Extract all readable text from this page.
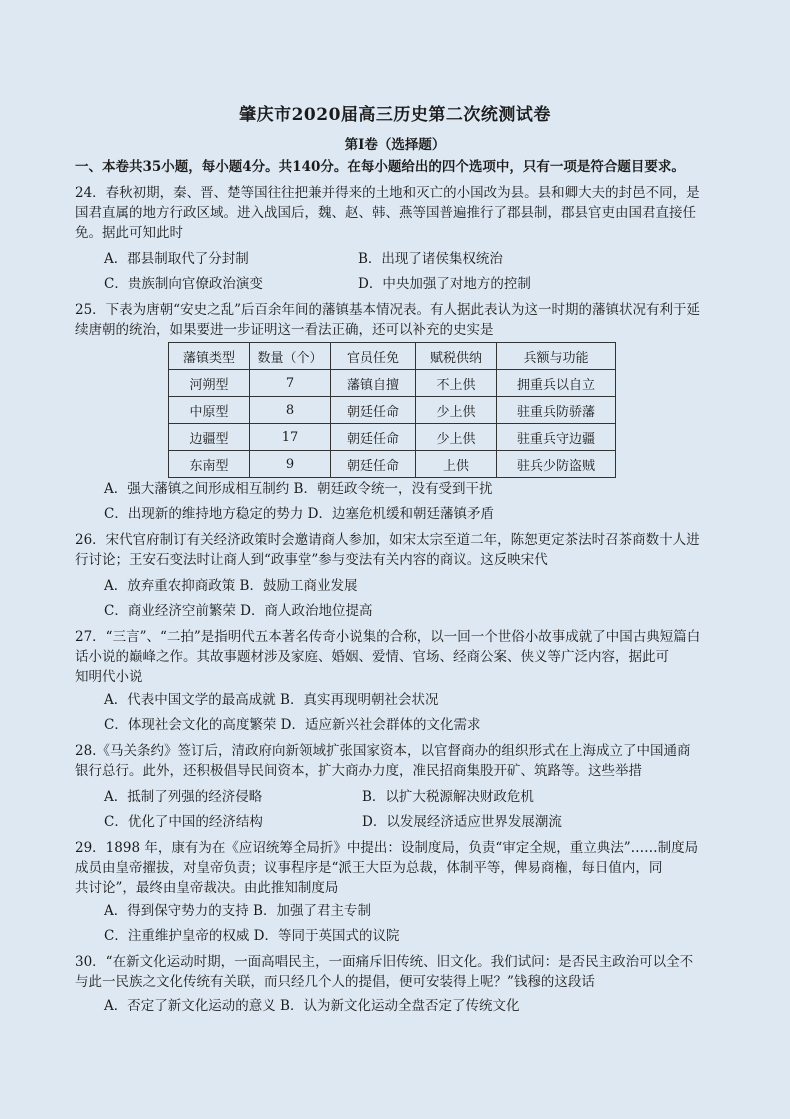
肇庆市2020届高三历史第二次统测试卷
第Ⅰ卷（选择题）
一、本卷共35小题，每小题4分。共140分。在每小题给出的四个选项中，只有一项是符合题目要求。
24．春秋初期，秦、晋、楚等国往往把兼并得来的土地和灭亡的小国改为县。县和卿大夫的封邑不同，是
国君直属的地方行政区域。进入战国后，魏、赵、韩、燕等国普遍推行了郡县制，郡县官吏由国君直接任
免。据此可知此时
A．郡县制取代了分封制	B．出现了诸侯集权统治
C．贵族制向官僚政治演变	D．中央加强了对地方的控制
25．下表为唐朝“安史之乱”后百余年间的藩镇基本情况表。有人据此表认为这一时期的藩镇状况有利于延
续唐朝的统治，如果要进一步证明这一看法正确，还可以补充的史实是
藩镇类型	数量（个）	官员任免	赋税供纳	兵额与功能
河朔型	7	藩镇自擅	不上供	拥重兵以自立
中原型	8	朝廷任命	少上供	驻重兵防骄藩
边疆型	17	朝廷任命	少上供	驻重兵守边疆
东南型	9	朝廷任命	上供	驻兵少防盗贼
A．强大藩镇之间形成相互制约 B．朝廷政令统一，没有受到干扰
C．出现新的维持地方稳定的势力 D．边塞危机缓和朝廷藩镇矛盾
26．宋代官府制订有关经济政策时会邀请商人参加，如宋太宗至道二年，陈恕更定茶法时召茶商数十人进
行讨论；王安石变法时让商人到“政事堂”参与变法有关内容的商议。这反映宋代
A．放弃重农抑商政策 B．鼓励工商业发展
C．商业经济空前繁荣 D．商人政治地位提高
27．“三言”、“二拍”是指明代五本著名传奇小说集的合称，以一回一个世俗小故事成就了中国古典短篇白
话小说的巅峰之作。其故事题材涉及家庭、婚姻、爱情、官场、经商公案、侠义等广泛内容，据此可
知明代小说
A．代表中国文学的最高成就 B．真实再现明朝社会状况
C．体现社会文化的高度繁荣 D．适应新兴社会群体的文化需求
28.《马关条约》签订后，清政府向新领域扩张国家资本，以官督商办的组织形式在上海成立了中国通商
银行总行。此外，还积极倡导民间资本，扩大商办力度，准民招商集股开矿、筑路等。这些举措
A．抵制了列强的经济侵略	B．以扩大税源解决财政危机
C．优化了中国的经济结构	D．以发展经济适应世界发展潮流
29．1898 年，康有为在《应诏统筹全局折》中提出：设制度局，负责“审定全规，重立典法”……制度局
成员由皇帝擢拔，对皇帝负责；议事程序是“派王大臣为总裁，体制平等，俾易商権，每日值内，同
共讨论”，最终由皇帝裁决。由此推知制度局
A．得到保守势力的支持 B．加强了君主专制
C．注重维护皇帝的权威 D．等同于英国式的议院
30．“在新文化运动时期，一面高唱民主，一面痛斥旧传统、旧文化。我们试问：是否民主政治可以全不
与此一民族之文化传统有关联，而只经几个人的提倡，便可安装得上呢？”钱穆的这段话
A．否定了新文化运动的意义 B．认为新文化运动全盘否定了传统文化
